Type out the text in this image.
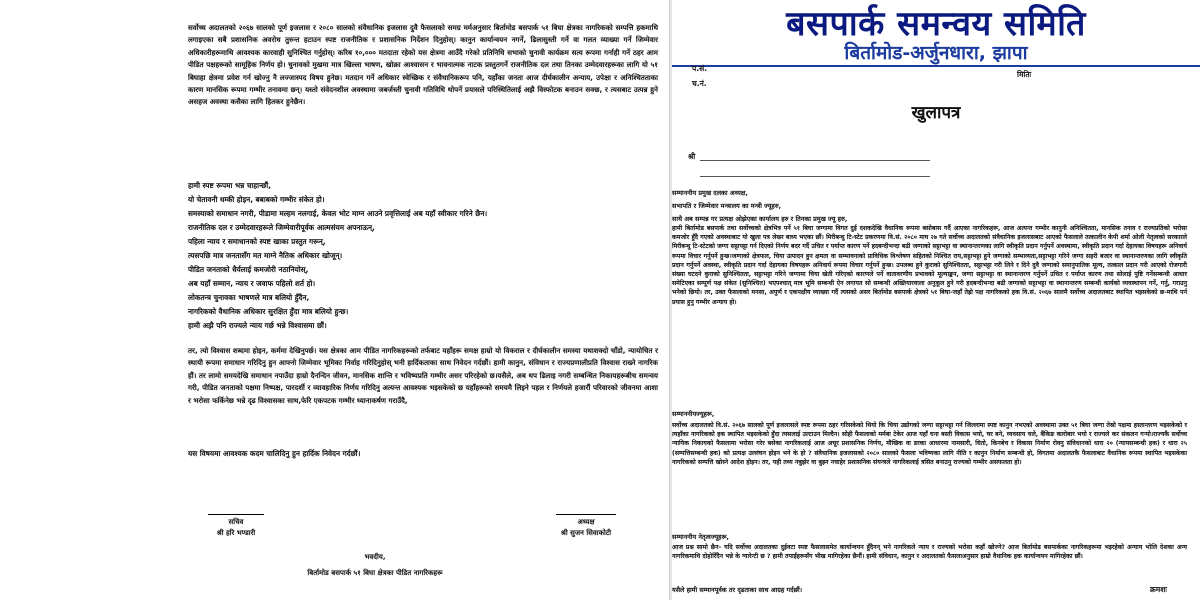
सर्वोच्च अदालतको २०६७ सालको पूर्ण इजलास र २०८० सालको संवैधानिक इजलास दुवै फैसलाको समग्र मर्मअनुसार बिर्तामोड बसपार्क ५१ बिघा क्षेत्रका नागरिकको सम्पत्ति हकमाथि लगाइएका सबै प्रशासनिक अवरोध तुरुन्त हटाउन स्पष्ट राजनीतिक र प्रशासनिक निर्देशन दिनुहोस्। कानुन कार्यान्वयन नगर्ने, ढिलासुस्ती गर्ने वा गलत व्याख्या गर्ने जिम्मेवार अधिकारीहरूमाथि आवश्यक कारवाही सुनिश्चित गर्नुहोस्। करिब १०,००० मतदाता रहेको यस क्षेत्रमा आउँदै गरेको प्रतिनिधि सभाको चुनावी कार्यक्रम सत्य रूपमा गर्नाही गर्ने ठहर आम पीडित पक्षहरूको सामूहिक निर्णय हो। चुनावको मुखमा मात्र खिल्ला भाषण, खोक्रा आश्वासन र भावनात्मक नाटक प्रस्तुतगर्ने राजनीतिक दल तथा तिनका उम्मेदवारहरूका लागि यो ५१ बिघाहा क्षेत्रमा प्रवेश गर्न खोज्नु नै लज्जास्पद विषय हुनेछ। मतदान गर्ने अधिकार स्वेच्छिक र संवैधानिकरूप पनि, यहाँका जनता आज दीर्घकालीन अन्याय, उपेक्षा र अनिश्चितताका कारण मानसिक रूपमा गम्भीर तनावमा छन्। यस्तो संवेदनशील अवस्थामा जबर्जस्ती चुनावी गतिविधि थोपर्ने प्रयासले परिस्थितिलाई अझै विस्फोटक बनाउन सक्छ, र त्यसबाट उत्पन्न हुने असहज अवस्था कसैका लागि हितकर हुनेछैन।

हामी स्पष्ट रूपमा भन्न चाहान्छौं,
यो चेतावनी धम्की होइन, बबाबको गम्भीर संकेत हो।
समस्याको समाधान नगरी, पीडामा मल्हम नलगाई, केवल भोट माग्न आउने प्रवृत्तिलाई अब यहाँ स्वीकार गरिने छैन।
राजनीतिक दल र उम्मेदवारहरूले जिम्मेवारीपूर्वक आत्मसंयम अपनाऊन्,
पहिला न्याय र समाधानको स्पष्ट खाका प्रस्तुत गरून्,
त्यसपछि मात्र जनतासँग मत माग्ने नैतिक अधिकार खोजून्।
पीडित जनताको धैर्यलाई कमजोरी नठानियोस्,
अब यहाँ सम्मान, न्याय र जवाफ पहिलो शर्त हो।
लोकतन्त्र चुनावका भाषणले मात्र बलियो हुँदैन,
नागरिकको वैधानिक अधिकार सुरक्षित हुँदा मात्र बलियो हुन्छ।
हामी अझै पनि राज्यले न्याय गर्छ भन्ने विश्वासमा छौं।

तर, त्यो विश्वास शब्दमा होइन, कर्ममा देखिनुपर्छ। यस क्षेत्रका आम पीडित नागरिकहरूको तर्फबाट यहाँहरू समक्ष हाम्रो यो विकराल र दीर्घकालीन समस्या यथाशक्दो चाँडो, न्यायोचित र स्थायी रूपमा समाधान गरिदिनु हुन आफ्नो जिम्मेवार भूमिका निर्वाह गरिदिनुहोस् भनी हार्दिकताका साथ निवेदन गर्दछौं। हामी कानुन, संविधान र राज्यप्रणालीप्रति विश्वास राख्ने नागरिक हौं। तर लामो समयदेखि समाधान नपाउँदा हाम्रो दैनन्दिन जीवन, मानसिक शान्ति र भविष्यप्रति गम्भीर असर परिरहेको छ।यसैले, अब थप ढिलाइ नगरी सम्बन्धित निकायहरूबीच समन्वय गरी, पीडित जनताको पक्षमा निष्पक्ष, पारदर्शी र व्यावहारिक निर्णय गरिदिनु अत्यन्त आवश्यक भइसकेको छ यहाँहरूको समयमै लिइने पहल र निर्णयले हजारौं परिवारको जीवनमा आशा र भरोसा फर्किनेछ भन्ने दृढ विश्वासका साथ,फेरि एकपटक गम्भीर ध्यानाकर्षण गराउँदै,

यस विषयमा आवश्यक कदम चालिदिनु हुन हार्दिक निवेदन गर्दछौं।
सचिव
श्री हरि भण्डारी
अध्यक्ष
श्री सुजन सिवाकोटी
भवदीय,
बिर्तामोड बसपार्क ५१ बिघा क्षेत्रका पीडित नागरिकहरू
बसपार्क समन्वय समिति
बिर्तामोड-अर्जुनधारा, झापा
प.सं.
च.नं.
मितिः
खुलापत्र
श्री
सम्माननीय प्रमुख दलका अध्यक्ष,
सभापति र जिम्मेवार मन्त्रालय का मन्त्री ज्यूहरु,
साथै अब सम्पन्न गर प्रत्यक्ष ओझेएका कार्यालय हरु र तिनका प्रमुख ज्यू हरु,

हामी बिर्तामोड बसपार्क तथा सर्वोच्चको क्षेत्रभित्र पर्ने ५१ बिघा जग्गामा विगत दुई दशकदेखि वैधानिक रूपमा बसोबास गर्दै आएका नागरिकहरू, आज अत्यन्त गम्भीर कानुनी अनिश्चितता, मानसिक तनाव र राज्यप्रतिको भरोसा कमजोर हुँदै गएको अवस्थाबाट यो खुला पत्र लेख्न बाध्य भएका छौं। मिरीबन्धु टि-स्टेट प्रकरणमा वि.सं. २०८० माघ २७ गते सर्वोच्च अदालतको संवैधानिक इजलासबाट आएको फैसलाले तत्कालीन केपी शर्मा ओली नेतृत्वको सरकारले मिरीबन्धु टि-स्टेटको जग्गा सट्टापट्टा गर्न दिएको निर्णय बदर गर्दै उचित र पर्याप्त कारण पर्ने हदबन्दीभन्दा बढी जग्गाको सट्टाभट्टा वा स्थानान्तरणका लागि स्वीकृति प्रदान गर्नुपर्ने अवस्थामा, स्वीकृति प्रदान गर्दा देहायका विषयहरू अनिवार्य रूपमा विचार गर्नुपर्ने हुन्छ।जग्गाको क्षेत्रफल, चिया उत्पादन हुन क्षमता वा सम्भावनाको प्राविधिक विश्लेषण सहितको निश्चित राय,सट्टाभट्टा हुने जग्गाको सम्भाव्यता,सट्टाभट्टा गरिने जग्गा सहरी बजार वा स्थानान्तरणका लागि स्वीकृति प्रदान गर्नुपर्ने अवस्था, स्वीकृति प्रदान गर्दा देहायका विषयहरू अनिवार्य रूपमा विचार गर्नुपर्ने हुन्छ। उपलब्ध हुने कुराको सुनिश्चितता, सट्टाभट्टा गरी लिने र दिने दुवै जग्गाको समानुपातिक मूल्य, तत्काल प्रदान गरी आएको रोजगारी संख्या घटदने कुराको सुनिश्चितता, सट्टाभट्टा गरिने जग्गामा चिया खेती गरिएको कारणले पर्ने वातावरणीय प्रभावको मूल्याङ्कन, जग्गा सट्टाभट्टा वा स्थानान्तरण गर्नुपर्ने उचित र पर्याप्त कारण तथा सोलाई पुष्टि गर्नेसम्बन्धी आधार समेटिएका सम्पूर्ण पक्ष संकेत (सुनिश्चित) भएपश्चात् मात्र भूमि सम्बन्धी ऐन लगायत सो सम्बन्धी अख्तियारवाला अनुकूल हुने गरी हदबन्दीभन्दा बढी जग्गाको सट्टाभट्टा वा स्थानान्तरण सम्बन्धी कार्यको व्यवस्थापन गर्ने, गर्नु, गराउनु भनेको छियो। तर, उक्त फैसलाको मनसा, अपुर्ण र एकपक्षीय व्याख्या गर्दै त्यसको असर बिर्तामोड बसपार्क क्षेत्रको ५१ बिघा-जहाँ तेह्रो पक्ष नागरिकको हक वि.सं. २०६७ सालमै सर्वोच्च अदालतबाट स्थापित भइसकेको छ-माथि पर्न प्रयास हुनु गम्भीर अन्याय हो।

सम्माननीयज्यूहरू,

सर्वोच्च अदालतको वि.सं. २०६७ सालको पूर्ण इजलासले स्पष्ट रूपमा ठहर गरिसकेको थियो कि चिया उद्योगको जग्गा सट्टाभट्टा गर्न जिल्लामा स्पष्ट कानुन नभएको अवस्थामा उक्त ५१ बिघा जग्गा तेस्रो पक्षमा हस्तान्तरण भइसकेको र त्यहाँका नागरिकको हक स्थापित भइसकेको हुँदा त्यसलाई उल्टाउन मिल्दैन। सोही फैसलाको मर्मबा टेकेर आज यहाँ घना बस्ती विकास भयो, घर बने, व्यवसाय चले, बैंकिङ कारोबार भयो र राज्यले कर संकलन गऱ्यो।राज्यकै सर्वोच्च न्यायिक निकायको फैसलामा भरोसा गरेर बसेका नागरिकलाई आज अचूर प्रशासनिक निर्णय, मौखिक वा डरका आधारमा नामसारी, धितो, किनबेच र विकास निर्माण रोक्नु संविधानको धारा २० (न्यायसम्बन्धी हक) र धारा २५ (सम्पत्तिसम्बन्धी हक) को प्रत्यक्ष उल्लंघन होइन भने के हो ? संवैधानिक इजलासको २०८० सालको फैसला भविष्यका लागि नीति र कानुन निर्माण सम्बन्धी हो, विगतमा अदालतकै फैसलाबाट वैधानिक रूपमा स्थापित भइसकेका नागरिकको सम्पत्ति खोस्ने आदेश होइन। तर, यही तथ्य नबुझेर वा बुझ्न नचाहेर प्रशासनिक संयन्त्रले नागरिकलाई त्रसित बनाउनु राज्यको गम्भीर असफलता हो।

सम्माननीय नेतृत्वज्यूहरू,

आज प्रश्न सामो छैन- यदि सर्वोच्च अदालतका दुईवटा स्पष्ट फैसलासमेत कार्यान्वयन हुँदैनन् भने नागरिकले न्याय र राज्यको भरोसा कहाँ खोज्ने? आज बिर्तामोड बसपार्कका नागरिकहरूमा भइरहेको अन्याय भोलि देशका अन्य नागरिकमाथि दोहोरिँदैन भन्ने के ग्यारेन्टी छ ? हामी तपाईंहरूसँग भीख मागिरहेका छैनौं। हामी संविधान, कानुन र अदालतको फैसलाअनुसार हाम्रो वैधानिक हक कार्यान्वयन मागिरहेका छौं।

यसैले हामी सम्मानपूर्वक तर दृढताका साथ आग्रह गर्दछौं।	क्रमशः
